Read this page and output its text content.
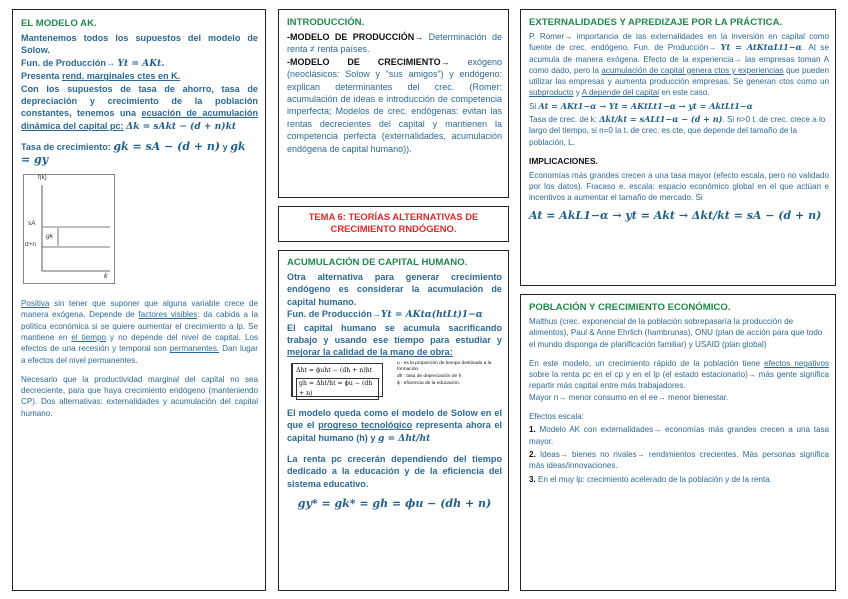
EL MODELO AK.
Mantenemos todos los supuestos del modelo de Solow.
Fun. de Producción→ Yt = AKt.
Presenta rend. marginales ctes en K.
Con los supuestos de tasa de ahorro, tasa de depreciación y crecimiento de la población constantes, tenemos una ecuación de acumulación dinámica del capital pc: Δk = sAkt − (d + n)kt
Tasa de crecimiento: gk = sA − (d + n) y gk = gy
f(k)
sA
d+n
gk
k
Positiva sin tener que suponer que alguna variable crece de manera exógena. Depende de factores visibles: da cabida a la política económica si se quiere aumentar el crecimiento a lp. Se mantiene en el tiempo y no depende del nivel de capital. Los efectos de una recesión y temporal son permanentes. Dan lugar a efectos del nivel permanentes.
Necesario que la productividad marginal del capital no sea decreciente, para que haya crecimiento endógeno (manteniendo CP). Dos alternativas: externalidades y acumulación del capital humano.
INTRODUCCIÓN.
-MODELO DE PRODUCCIÓN→ Determinación de renta ≠ renta países.
-MODELO DE CRECIMIENTO→ exógeno (neoclásicos: Solow y “sus amigos”) y endógeno: explican determinantes del crec. (Romer: acumulación de ideas e introducción de competencia imperfecta; Modelos de crec. endógenas: evitan las rentas decrecientes del capital y mantienen la competencia perfecta (externalidades, acumulación endógena de capital humano)).
TEMA 6: TEORÍAS ALTERNATIVAS DE CRECIMIENTO RNDÓGENO.
ACUMULACIÓN DE CAPITAL HUMANO.
Otra alternativa para generar crecimiento endógeno es considerar la acumulación de capital humano.
Fun. de Producción→Yt = AKtα(htLt)1−α
El capital humano se acumula sacrificando trabajo y usando ese tiempo para estudiar y mejorar la calidad de la mano de obra:
Δht = ϕuht − (dh + n)ht
gh = Δht/ht = ϕu − (dh + n)
u : es la proporción de tiempo destinado a la formación.
dh : tasa de depreciación de h
ϕ : eficiencia de la educación.
El modelo queda como el modelo de Solow en el que el progreso tecnológico representa ahora el capital humano (h) y g = Δht/ht
La renta pc crecerán dependiendo del tiempo dedicado a la educación y de la eficiencia del sistema educativo.
gy* = gk* = gh = ϕu − (dh + n)
EXTERNALIDADES Y APREDIZAJE POR LA PRÁCTICA.
P. Romer→ importancia de las externalidades en la inversión en capital como fuente de crec. endógeno. Fun. de Producción→ Yt = AtKtαLt1−α. At se acumula de manera exógena. Efecto de la experiencia→ las empresas toman A como dado, pero la acumulación de capital genera ctos y experiencias que pueden utilizar las empresas y aumenta producción empresas. Se generan ctos como un subproducto y A depende del capital en este caso.
Si At = AKt1−α → Yt = AKtLt1−α → yt = AktLt1−α
Tasa de crec. de k: Δkt/kt = sALt1−α − (d + n). Si n>0 t. de crec. crece a lo largo del tiempo, si n=0 la t. de crec. es cte, que depende del tamaño de la población, L.
IMPLICACIONES.
Economías más grandes crecen a una tasa mayor (efecto escala, pero no validado por los datos). Fracaso e. escala: espacio económico global en el que actúan e incentivos a aumentar el tamaño de mercado. Si
At = AkL1−α → yt = Akt → Δkt/kt = sA − (d + n)
POBLACIÓN Y CRECIMIENTO ECONÓMICO.
Malthus (crec. exponencial de la población sobrepasaría la producción de alimentos), Paul & Anne Ehrlich (hambrunas), ONU (plan de acción para que todo el mundo disponga de planificación familiar) y USAID (plan global)
En este modelo, un crecimiento rápido de la población tiene efectos negativos sobre la renta pc en el cp y en el lp (el estado estacionario)→ más gente significa repartir más capital entre más trabajadores.
Mayor n→ menor consumo en el ee→ menor bienestar.
Efectos escala:
1. Modelo AK con externalidades→ economías más grandes crecen a una tasa mayor.
2. Ideas→ bienes no rivales→ rendimientos crecientes. Más personas significa más ideas/innovaciones.
3. En el muy lp: crecimiento acelerado de la población y de la renta.
